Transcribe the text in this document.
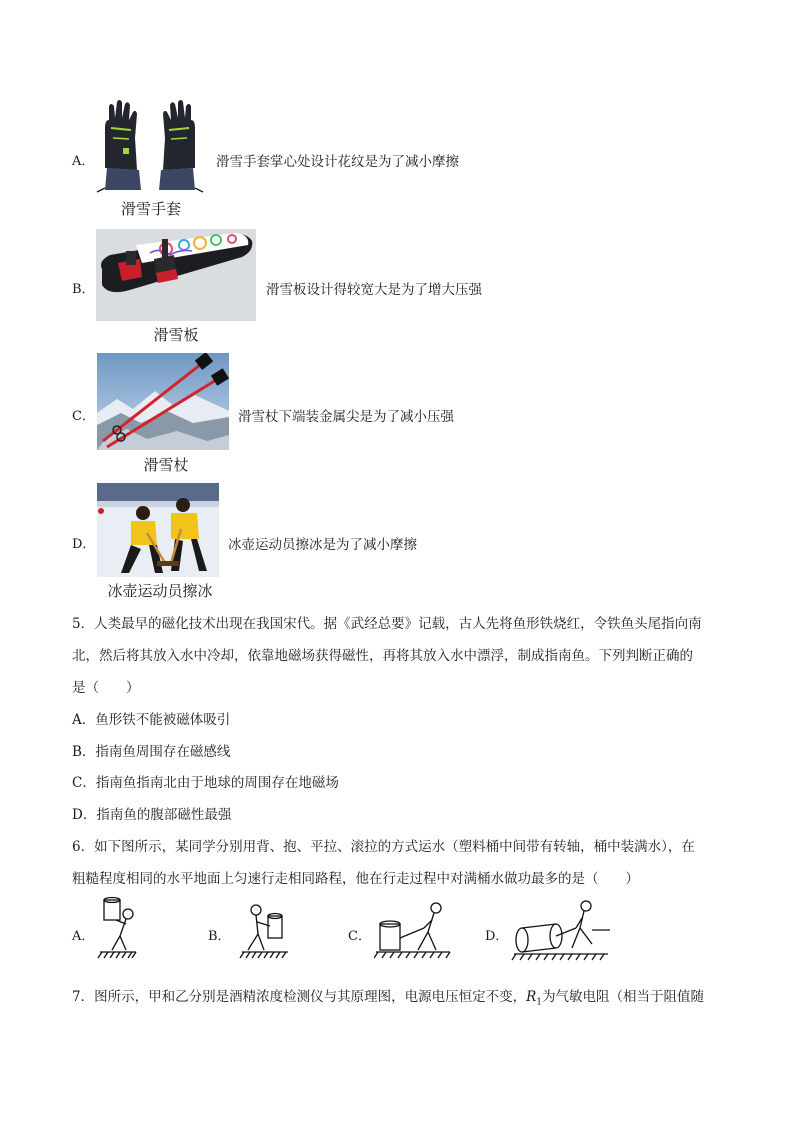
A．
滑雪手套
滑雪手套掌心处设计花纹是为了减小摩擦
B．
滑雪板
滑雪板设计得较宽大是为了增大压强
C．
滑雪杖
滑雪杖下端装金属尖是为了减小压强
D．
冰壶运动员擦冰
冰壶运动员擦冰是为了减小摩擦
5．人类最早的磁化技术出现在我国宋代。据《武经总要》记载，古人先将鱼形铁烧红，令铁鱼头尾指向南
北，然后将其放入水中冷却，依靠地磁场获得磁性，再将其放入水中漂浮，制成指南鱼。下列判断正确的
是（　　）
A．鱼形铁不能被磁体吸引
B．指南鱼周围存在磁感线
C．指南鱼指南北由于地球的周围存在地磁场
D．指南鱼的腹部磁性最强
6．如下图所示，某同学分别用背、抱、平拉、滚拉的方式运水（塑料桶中间带有转轴，桶中装满水），在
粗糙程度相同的水平地面上匀速行走相同路程，他在行走过程中对满桶水做功最多的是（　　）
A．	B．	C．	D．
7．图所示，甲和乙分别是酒精浓度检测仪与其原理图，电源电压恒定不变，$R_1$为气敏电阻（相当于阻值随
